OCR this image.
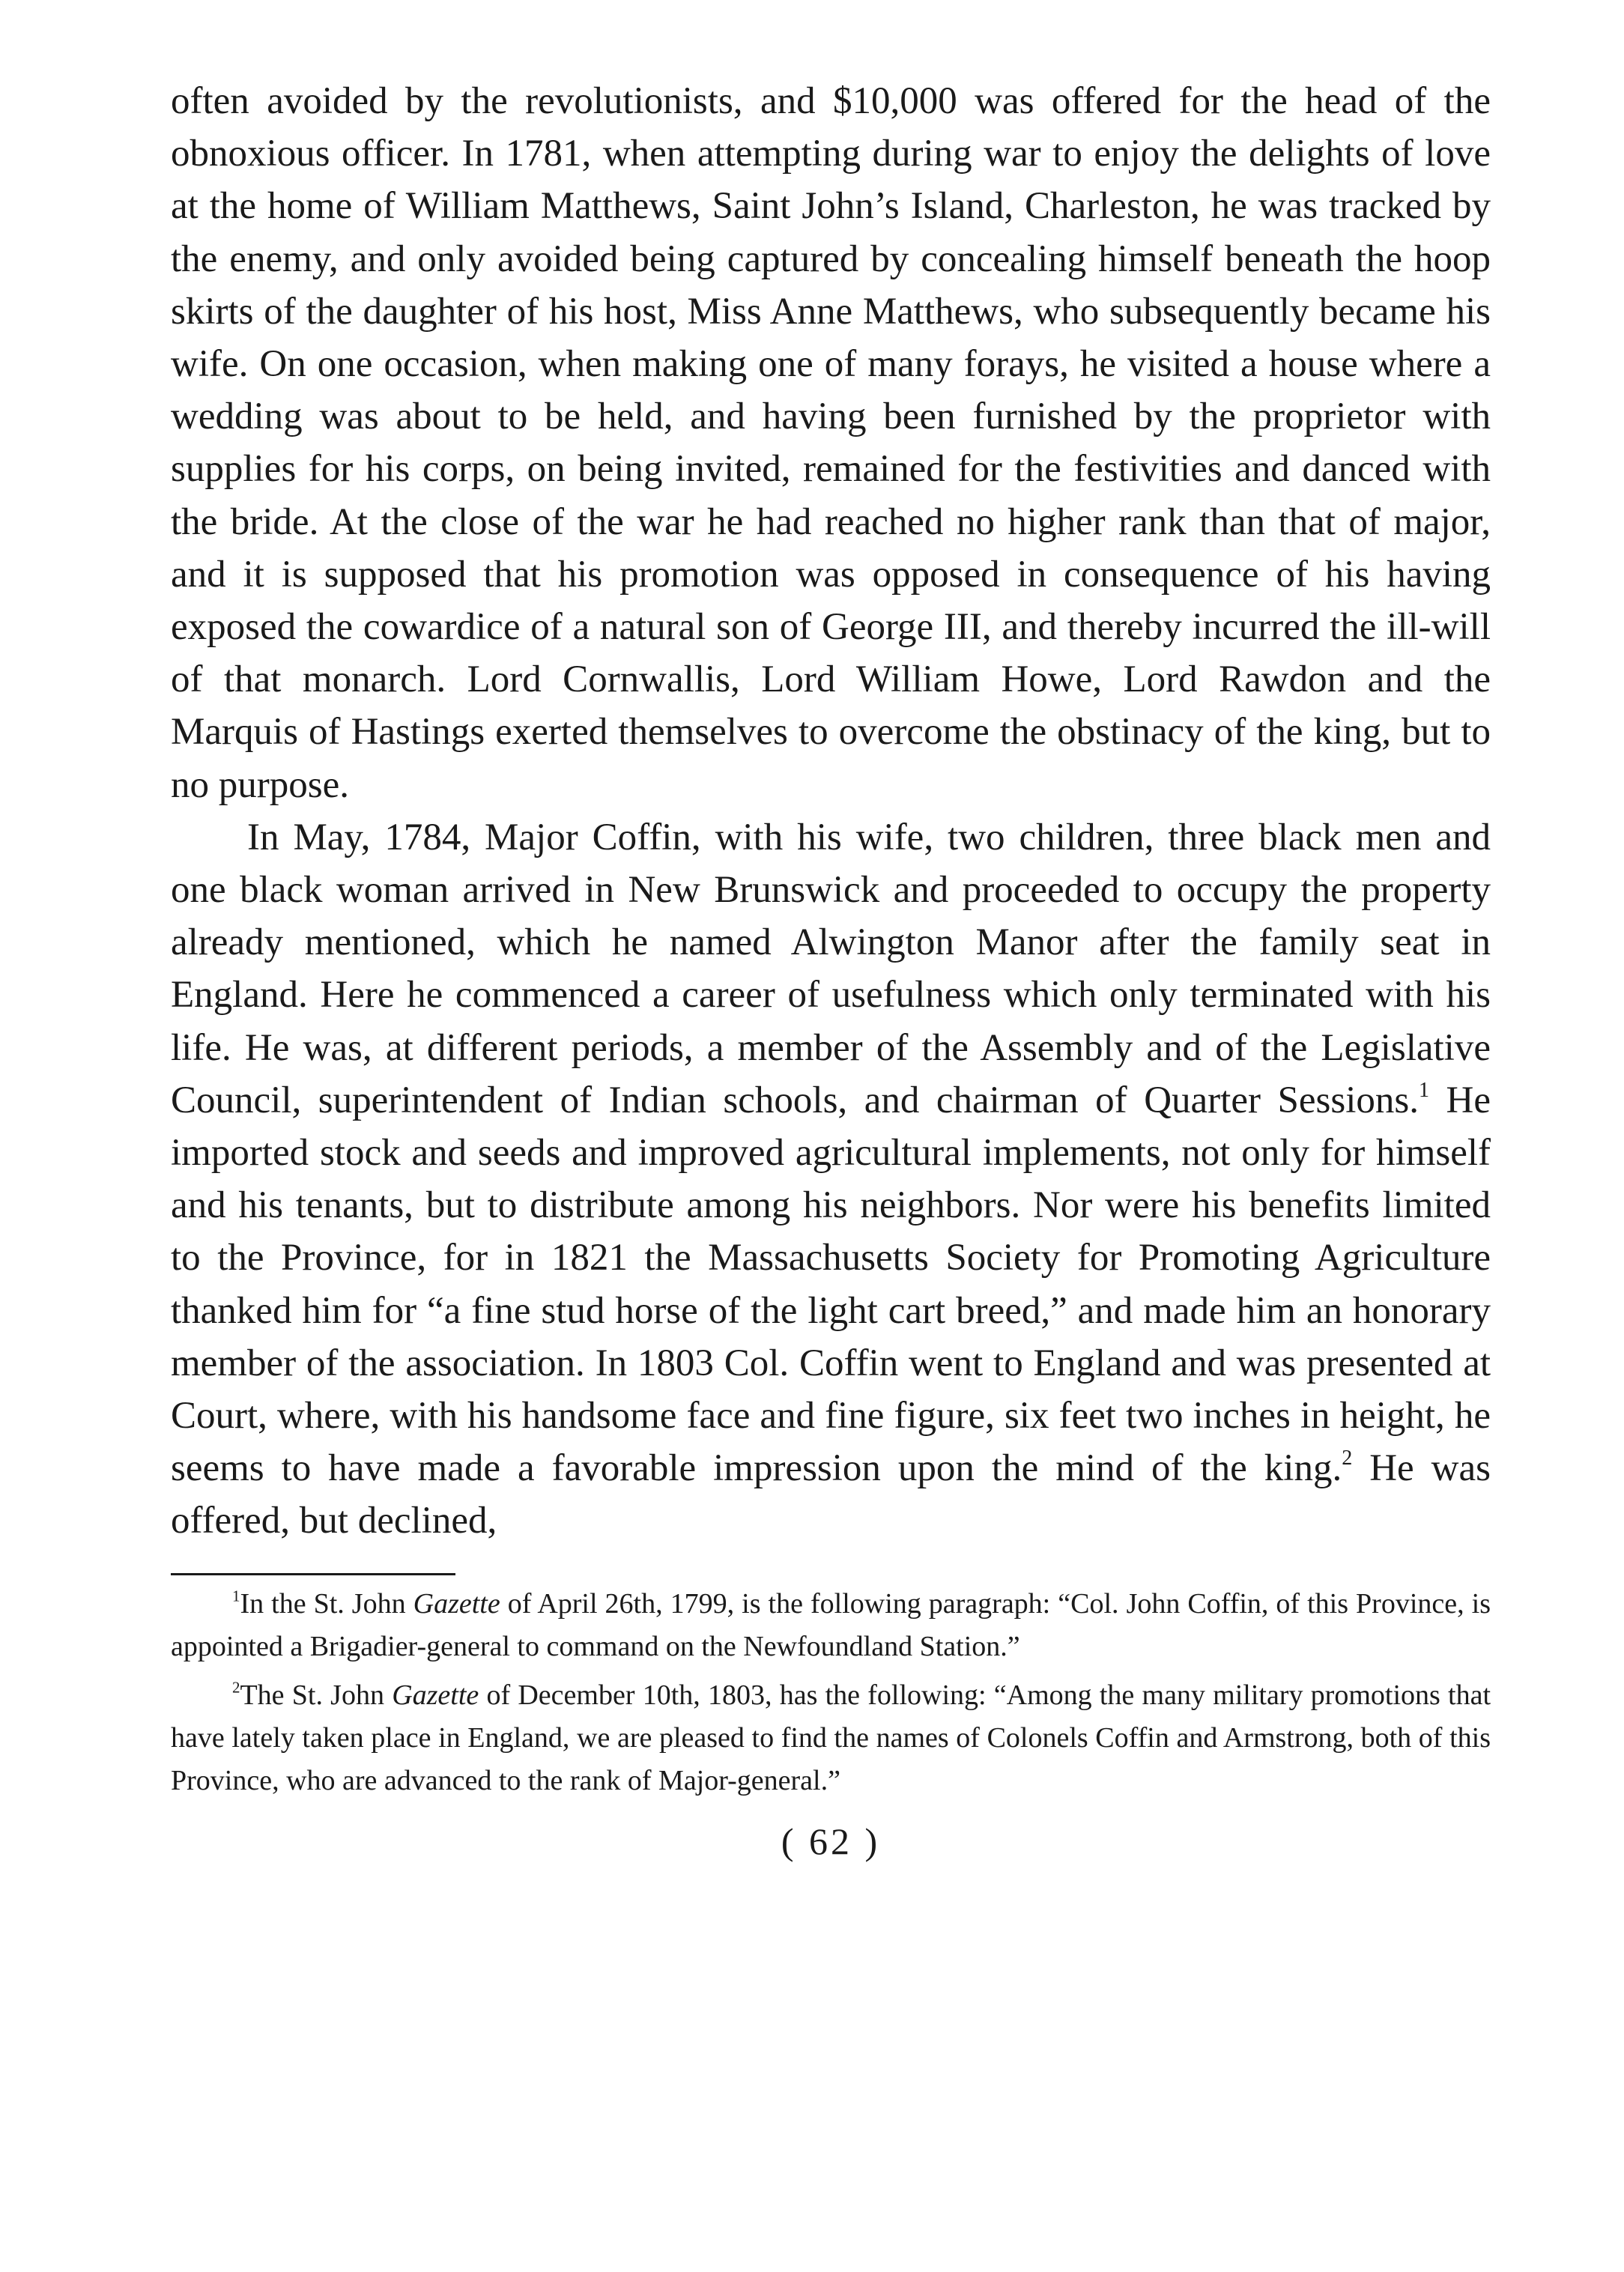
often avoided by the revolutionists, and $10,000 was offered for the head of the obnoxious officer. In 1781, when attempting during war to enjoy the delights of love at the home of William Matthews, Saint John’s Island, Charleston, he was tracked by the enemy, and only avoided being captured by concealing himself beneath the hoop skirts of the daughter of his host, Miss Anne Matthews, who subsequently became his wife. On one occasion, when making one of many forays, he visited a house where a wedding was about to be held, and having been furnished by the proprietor with supplies for his corps, on being invited, remained for the festivities and danced with the bride. At the close of the war he had reached no higher rank than that of major, and it is supposed that his promotion was opposed in consequence of his having exposed the cowardice of a natural son of George III, and thereby incurred the ill-will of that monarch. Lord Cornwallis, Lord William Howe, Lord Rawdon and the Marquis of Hastings exerted themselves to overcome the obstinacy of the king, but to no purpose.

In May, 1784, Major Coffin, with his wife, two children, three black men and one black woman arrived in New Brunswick and proceeded to occupy the property already mentioned, which he named Alwington Manor after the family seat in England. Here he commenced a career of usefulness which only terminated with his life. He was, at different periods, a member of the Assembly and of the Legislative Council, superintendent of Indian schools, and chairman of Quarter Sessions.$^1$ He imported stock and seeds and improved agricultural implements, not only for himself and his tenants, but to distribute among his neighbors. Nor were his benefits limited to the Province, for in 1821 the Massachusetts Society for Promoting Agriculture thanked him for “a fine stud horse of the light cart breed,” and made him an honorary member of the association. In 1803 Col. Coffin went to England and was presented at Court, where, with his handsome face and fine figure, six feet two inches in height, he seems to have made a favorable impression upon the mind of the king.$^2$ He was offered, but declined,

$^1$In the St. John Gazette of April 26th, 1799, is the following paragraph: “Col. John Coffin, of this Province, is appointed a Brigadier-general to command on the Newfoundland Station.”

$^2$The St. John Gazette of December 10th, 1803, has the following: “Among the many military promotions that have lately taken place in England, we are pleased to find the names of Colonels Coffin and Armstrong, both of this Province, who are advanced to the rank of Major-general.”

( 62 )
